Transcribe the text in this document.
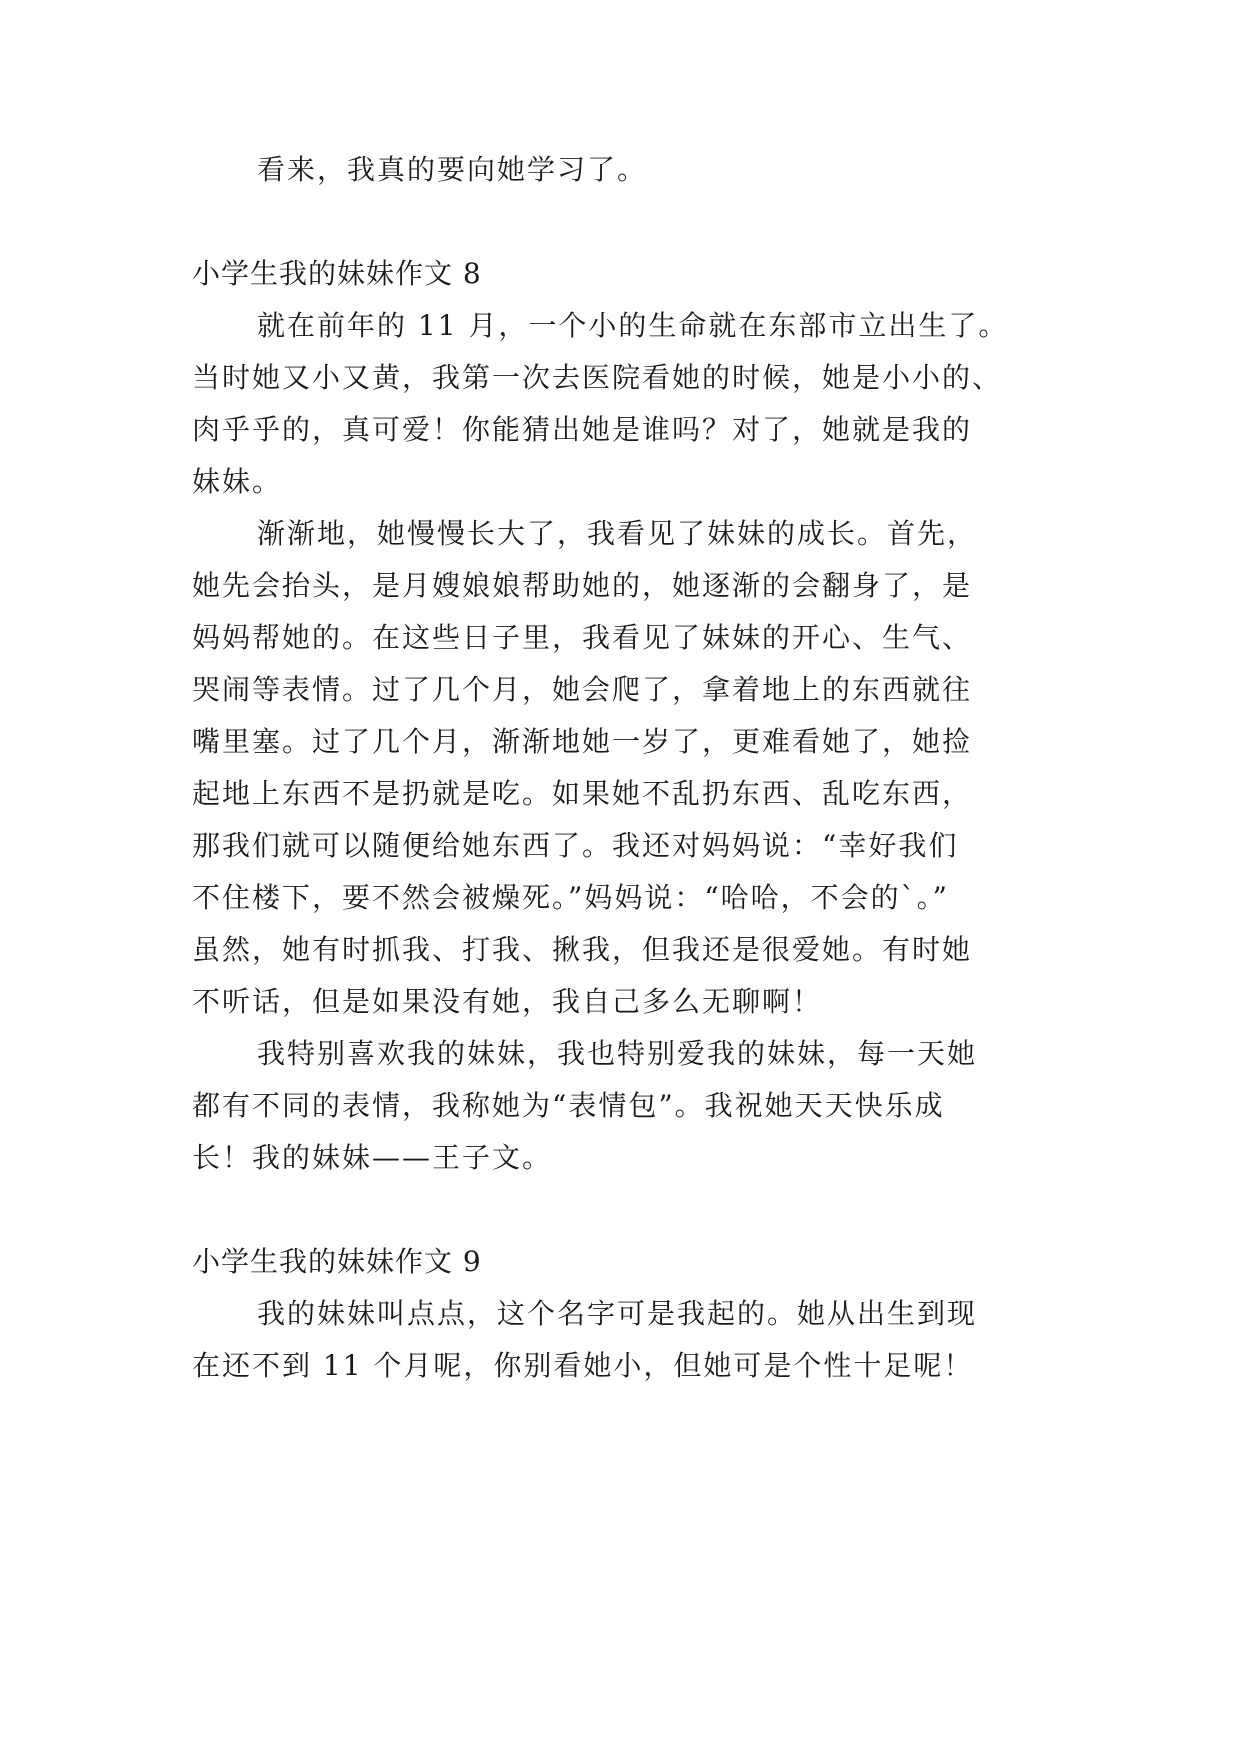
看来，我真的要向她学习了。
小学生我的妹妹作文 8
就在前年的 11 月，一个小的生命就在东部市立出生了。
当时她又小又黄，我第一次去医院看她的时候，她是小小的、
肉乎乎的，真可爱！你能猜出她是谁吗？对了，她就是我的
妹妹。
渐渐地，她慢慢长大了，我看见了妹妹的成长。首先，
她先会抬头，是月嫂娘娘帮助她的，她逐渐的会翻身了，是
妈妈帮她的。在这些日子里，我看见了妹妹的开心、生气、
哭闹等表情。过了几个月，她会爬了，拿着地上的东西就往
嘴里塞。过了几个月，渐渐地她一岁了，更难看她了，她捡
起地上东西不是扔就是吃。如果她不乱扔东西、乱吃东西，
那我们就可以随便给她东西了。我还对妈妈说：“幸好我们
不住楼下，要不然会被燥死。”妈妈说：“哈哈，不会的`。”
虽然，她有时抓我、打我、揪我，但我还是很爱她。有时她
不听话，但是如果没有她，我自己多么无聊啊！
我特别喜欢我的妹妹，我也特别爱我的妹妹，每一天她
都有不同的表情，我称她为“表情包”。我祝她天天快乐成
长！我的妹妹——王子文。
小学生我的妹妹作文 9
我的妹妹叫点点，这个名字可是我起的。她从出生到现
在还不到 11 个月呢，你别看她小，但她可是个性十足呢！
